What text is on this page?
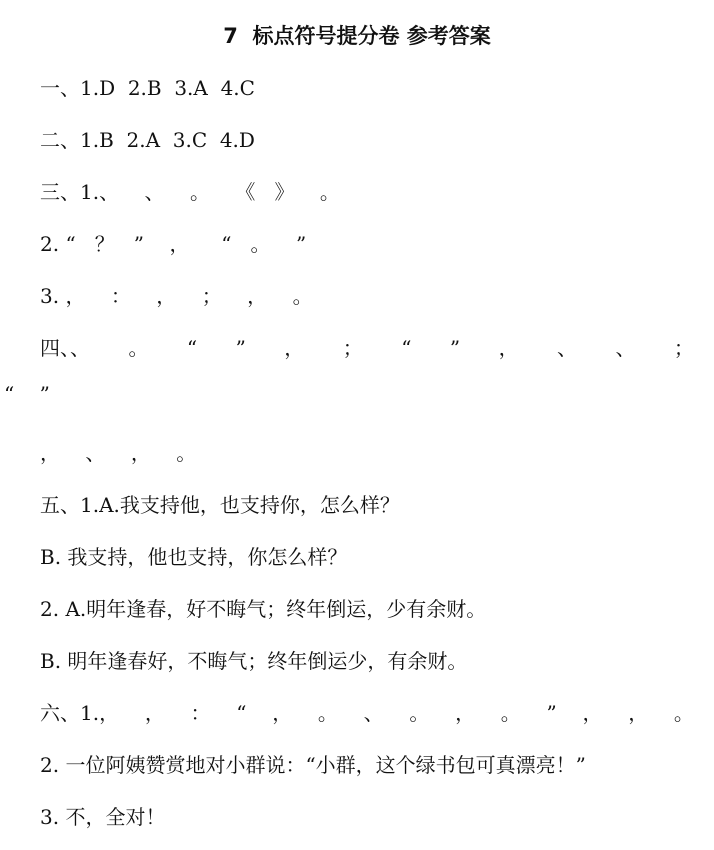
7  标点符号提分卷 参考答案
一、1.D  2.B  3.A  4.C
二、1.B  2.A  3.C  4.D
三、1.、    、    。    《   》    。
2. “   ？   ”    ，     “   。    ”
3. ，    ：    ，    ；    ，    。
四、、 。 “ ” ， ； “ ” ， 、 、 ；
“    ”
，    、    ，    。
五、1.A.我支持他，也支持你，怎么样？
B. 我支持，他也支持，你怎么样？
2. A.明年逢春，好不晦气；终年倒运，少有余财。
B. 明年逢春好，不晦气；终年倒运少，有余财。
六、1.， ， ： “ ， 。 、 。 ， 。 ” ， ， 。
2. 一位阿姨赞赏地对小群说：“小群，这个绿书包可真漂亮！”
3. 不，全对！
